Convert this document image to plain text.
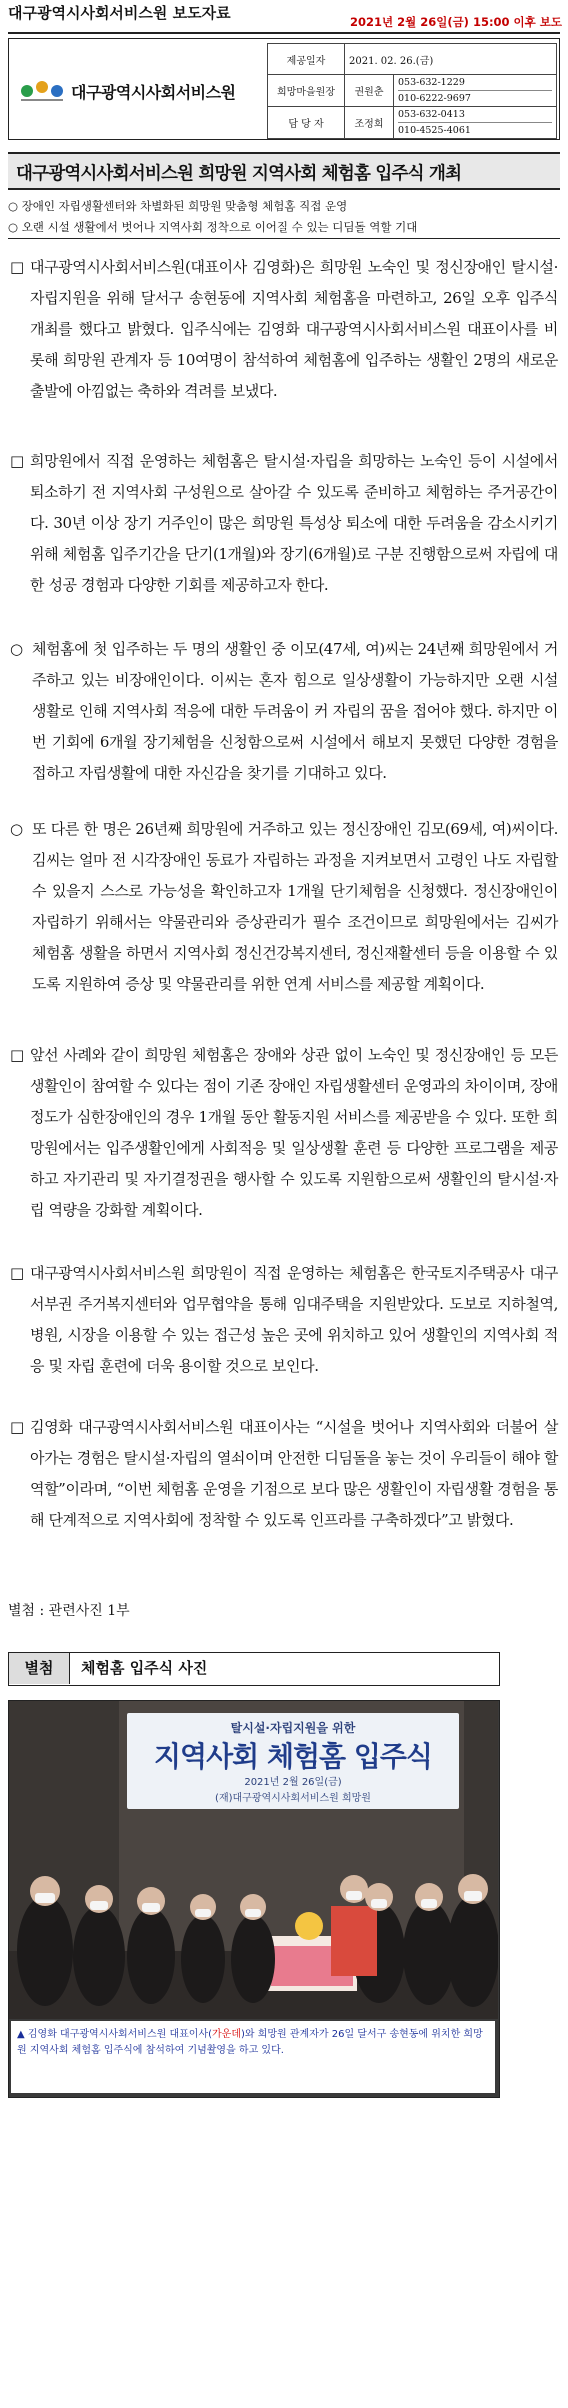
대구광역시사회서비스원 보도자료	2021년 2월 26일(금) 15:00 이후 보도
대구광역시사회서비스원
제공일자	2021. 02. 26.(금)	
희망마을원장	권원춘	053-632-1229
010-6222-9697

담 당 자	조정희	053-632-0413
010-4525-4061
대구광역시사회서비스원 희망원 지역사회 체험홈 입주식 개최
○ 장애인 자립생활센터와 차별화된 희망원 맞춤형 체험홈 직접 운영
○ 오랜 시설 생활에서 벗어나 지역사회 정착으로 이어질 수 있는 디딤돌 역할 기대
□ 대구광역시사회서비스원(대표이사 김영화)은 희망원 노숙인 및 정신장애인 탈시설·자립지원을 위해 달서구 송현동에 지역사회 체험홈을 마련하고, 26일 오후 입주식 개최를 했다고 밝혔다. 입주식에는 김영화 대구광역시사회서비스원 대표이사를 비롯해 희망원 관계자 등 10여명이 참석하여 체험홈에 입주하는 생활인 2명의 새로운 출발에 아낌없는 축하와 격려를 보냈다.
□ 희망원에서 직접 운영하는 체험홈은 탈시설·자립을 희망하는 노숙인 등이 시설에서 퇴소하기 전 지역사회 구성원으로 살아갈 수 있도록 준비하고 체험하는 주거공간이다. 30년 이상 장기 거주인이 많은 희망원 특성상 퇴소에 대한 두려움을 감소시키기 위해 체험홈 입주기간을 단기(1개월)와 장기(6개월)로 구분 진행함으로써 자립에 대한 성공 경험과 다양한 기회를 제공하고자 한다.
○ 체험홈에 첫 입주하는 두 명의 생활인 중 이모(47세, 여)씨는 24년째 희망원에서 거주하고 있는 비장애인이다. 이씨는 혼자 힘으로 일상생활이 가능하지만 오랜 시설 생활로 인해 지역사회 적응에 대한 두려움이 커 자립의 꿈을 접어야 했다. 하지만 이번 기회에 6개월 장기체험을 신청함으로써 시설에서 해보지 못했던 다양한 경험을 접하고 자립생활에 대한 자신감을 찾기를 기대하고 있다.
○ 또 다른 한 명은 26년째 희망원에 거주하고 있는 정신장애인 김모(69세, 여)씨이다. 김씨는 얼마 전 시각장애인 동료가 자립하는 과정을 지켜보면서 고령인 나도 자립할 수 있을지 스스로 가능성을 확인하고자 1개월 단기체험을 신청했다. 정신장애인이 자립하기 위해서는 약물관리와 증상관리가 필수 조건이므로 희망원에서는 김씨가 체험홈 생활을 하면서 지역사회 정신건강복지센터, 정신재활센터 등을 이용할 수 있도록 지원하여 증상 및 약물관리를 위한 연계 서비스를 제공할 계획이다.
□ 앞선 사례와 같이 희망원 체험홈은 장애와 상관 없이 노숙인 및 정신장애인 등 모든 생활인이 참여할 수 있다는 점이 기존 장애인 자립생활센터 운영과의 차이이며, 장애정도가 심한장애인의 경우 1개월 동안 활동지원 서비스를 제공받을 수 있다. 또한 희망원에서는 입주생활인에게 사회적응 및 일상생활 훈련 등 다양한 프로그램을 제공하고 자기관리 및 자기결정권을 행사할 수 있도록 지원함으로써 생활인의 탈시설·자립 역량을 강화할 계획이다.
□ 대구광역시사회서비스원 희망원이 직접 운영하는 체험홈은 한국토지주택공사 대구서부권 주거복지센터와 업무협약을 통해 임대주택을 지원받았다. 도보로 지하철역, 병원, 시장을 이용할 수 있는 접근성 높은 곳에 위치하고 있어 생활인의 지역사회 적응 및 자립 훈련에 더욱 용이할 것으로 보인다.
□ 김영화 대구광역시사회서비스원 대표이사는 “시설을 벗어나 지역사회와 더불어 살아가는 경험은 탈시설·자립의 열쇠이며 안전한 디딤돌을 놓는 것이 우리들이 해야 할 역할”이라며, “이번 체험홈 운영을 기점으로 보다 많은 생활인이 자립생활 경험을 통해 단계적으로 지역사회에 정착할 수 있도록 인프라를 구축하겠다”고 밝혔다.
별첨 : 관련사진 1부
별첨	체험홈 입주식 사진
탈시설·자립지원을 위한
지역사회 체험홈 입주식
2021년 2월 26일(금)
(재)대구광역시사회서비스원 희망원
▲ 김영화 대구광역시사회서비스원 대표이사(가운데)와 희망원 관계자가 26일 달서구 송현동에 위치한 희망원 지역사회 체험홈 입주식에 참석하여 기념촬영을 하고 있다.
